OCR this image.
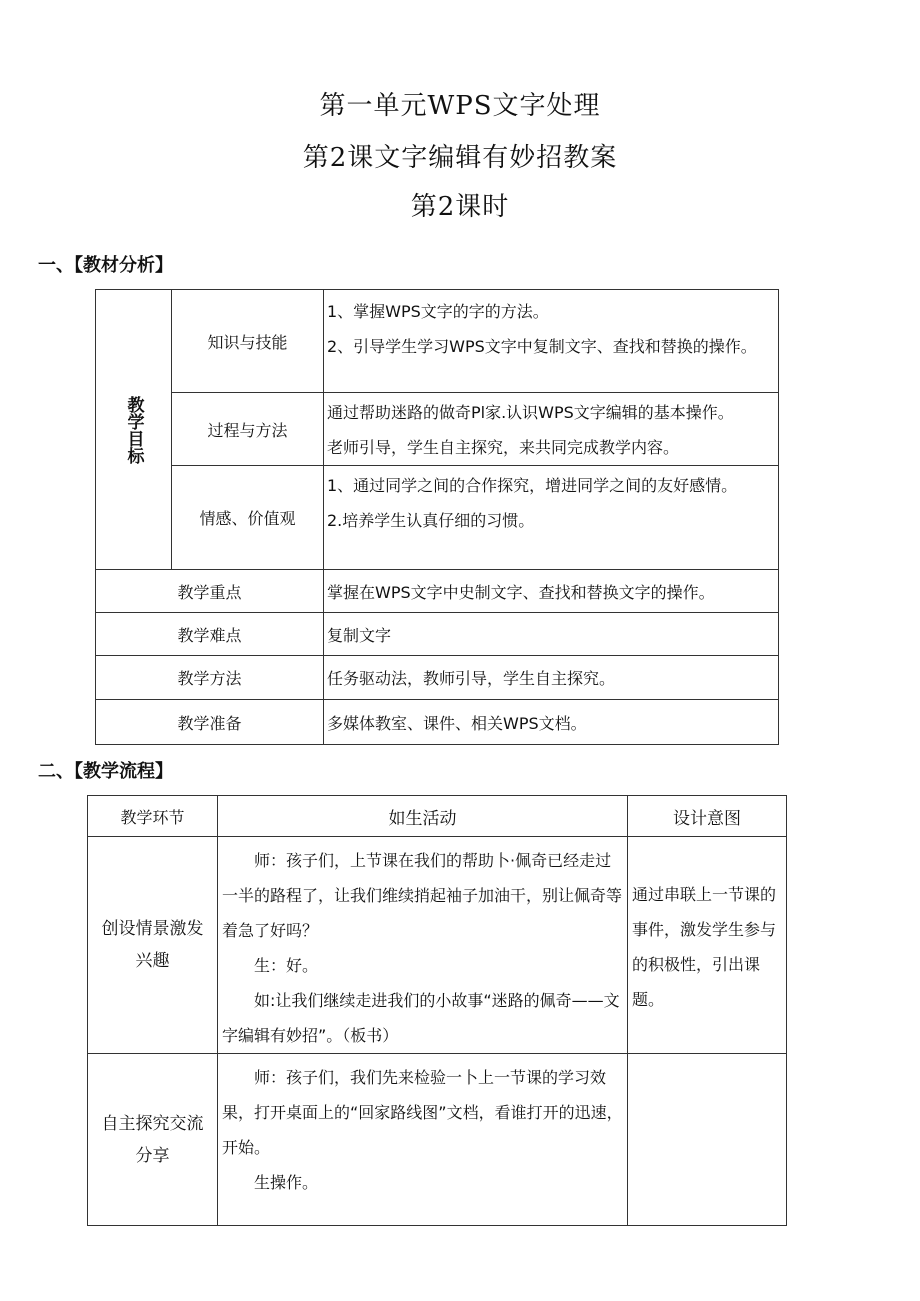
第一单元WPS文字处理
第2课文字编辑有妙招教案
第2课时
一、【教材分析】
教学目标	知识与技能	1、掌握WPS文字的字的方法。

2、引导学生学习WPS文字中复制文字、查找和替换的操作。

	过程与方法	通过帮助迷路的做奇Pl家.认识WPS文字编辑的基本操作。

老师引导，学生自主探究，来共同完成教学内容。

	情感、价值观	1、通过同学之间的合作探究，增进同学之间的友好感情。

2.培养学生认真仔细的习惯。

教学重点		掌握在WPS文字中史制文字、查找和替换文字的操作。
教学难点		复制文字
教学方法		任务驱动法，教师引导，学生自主探究。
教学准备		多媒体教室、课件、相关WPS文档。
二、【教学流程】
教学环节	如生活动	设计意图
创设情景激发兴趣	师：孩子们，上节课在我们的帮助卜·佩奇已经走过一半的路程了，让我们维续捎起袖子加油干，别让佩奇等着急了好吗？

生：好。

如:让我们继续走进我们的小故事“迷路的佩奇——文字编辑有妙招”。（板书）	通过串联上一节课的事件，激发学生参与的积极性，引出课题。
自主探究交流分享	师：孩子们，我们先来检验一卜上一节课的学习效果，打开桌面上的“回家路线图”文档，看谁打开的迅速，开始。

生操作。	
